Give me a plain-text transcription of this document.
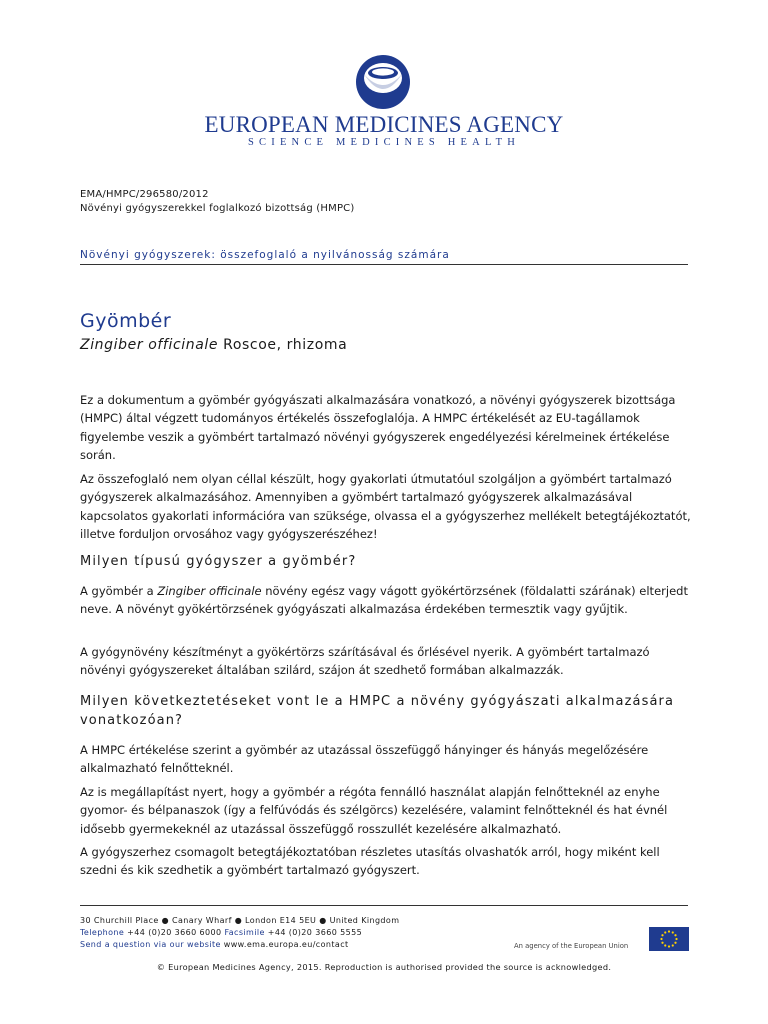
EUROPEAN MEDICINES AGENCY
SCIENCE MEDICINES HEALTH
EMA/HMPC/296580/2012
Növényi gyógyszerekkel foglalkozó bizottság (HMPC)
Növényi gyógyszerek: összefoglaló a nyilvánosság számára
Gyömbér
Zingiber officinale Roscoe, rhizoma
Ez a dokumentum a gyömbér gyógyászati alkalmazására vonatkozó, a növényi gyógyszerek bizottsága (HMPC) által végzett tudományos értékelés összefoglalója. A HMPC értékelését az EU-tagállamok figyelembe veszik a gyömbért tartalmazó növényi gyógyszerek engedélyezési kérelmeinek értékelése során.
Az összefoglaló nem olyan céllal készült, hogy gyakorlati útmutatóul szolgáljon a gyömbért tartalmazó gyógyszerek alkalmazásához. Amennyiben a gyömbért tartalmazó gyógyszerek alkalmazásával kapcsolatos gyakorlati információra van szüksége, olvassa el a gyógyszerhez mellékelt betegtájékoztatót, illetve forduljon orvosához vagy gyógyszerészéhez!
Milyen típusú gyógyszer a gyömbér?
A gyömbér a Zingiber officinale növény egész vagy vágott gyökértörzsének (földalatti szárának) elterjedt neve. A növényt gyökértörzsének gyógyászati alkalmazása érdekében termesztik vagy gyűjtik.
A gyógynövény készítményt a gyökértörzs szárításával és őrlésével nyerik. A gyömbért tartalmazó növényi gyógyszereket általában szilárd, szájon át szedhető formában alkalmazzák.
Milyen következtetéseket vont le a HMPC a növény gyógyászati alkalmazására vonatkozóan?
A HMPC értékelése szerint a gyömbér az utazással összefüggő hányinger és hányás megelőzésére alkalmazható felnőtteknél.
Az is megállapítást nyert, hogy a gyömbér a régóta fennálló használat alapján felnőtteknél az enyhe gyomor- és bélpanaszok (így a felfúvódás és szélgörcs) kezelésére, valamint felnőtteknél és hat évnél idősebb gyermekeknél az utazással összefüggő rosszullét kezelésére alkalmazható.
A gyógyszerhez csomagolt betegtájékoztatóban részletes utasítás olvashatók arról, hogy miként kell szedni és kik szedhetik a gyömbért tartalmazó gyógyszert.
30 Churchill Place ● Canary Wharf ● London E14 5EU ● United Kingdom
Telephone +44 (0)20 3660 6000 Facsimile +44 (0)20 3660 5555
Send a question via our website www.ema.europa.eu/contact	An agency of the European Union
© European Medicines Agency, 2015. Reproduction is authorised provided the source is acknowledged.
